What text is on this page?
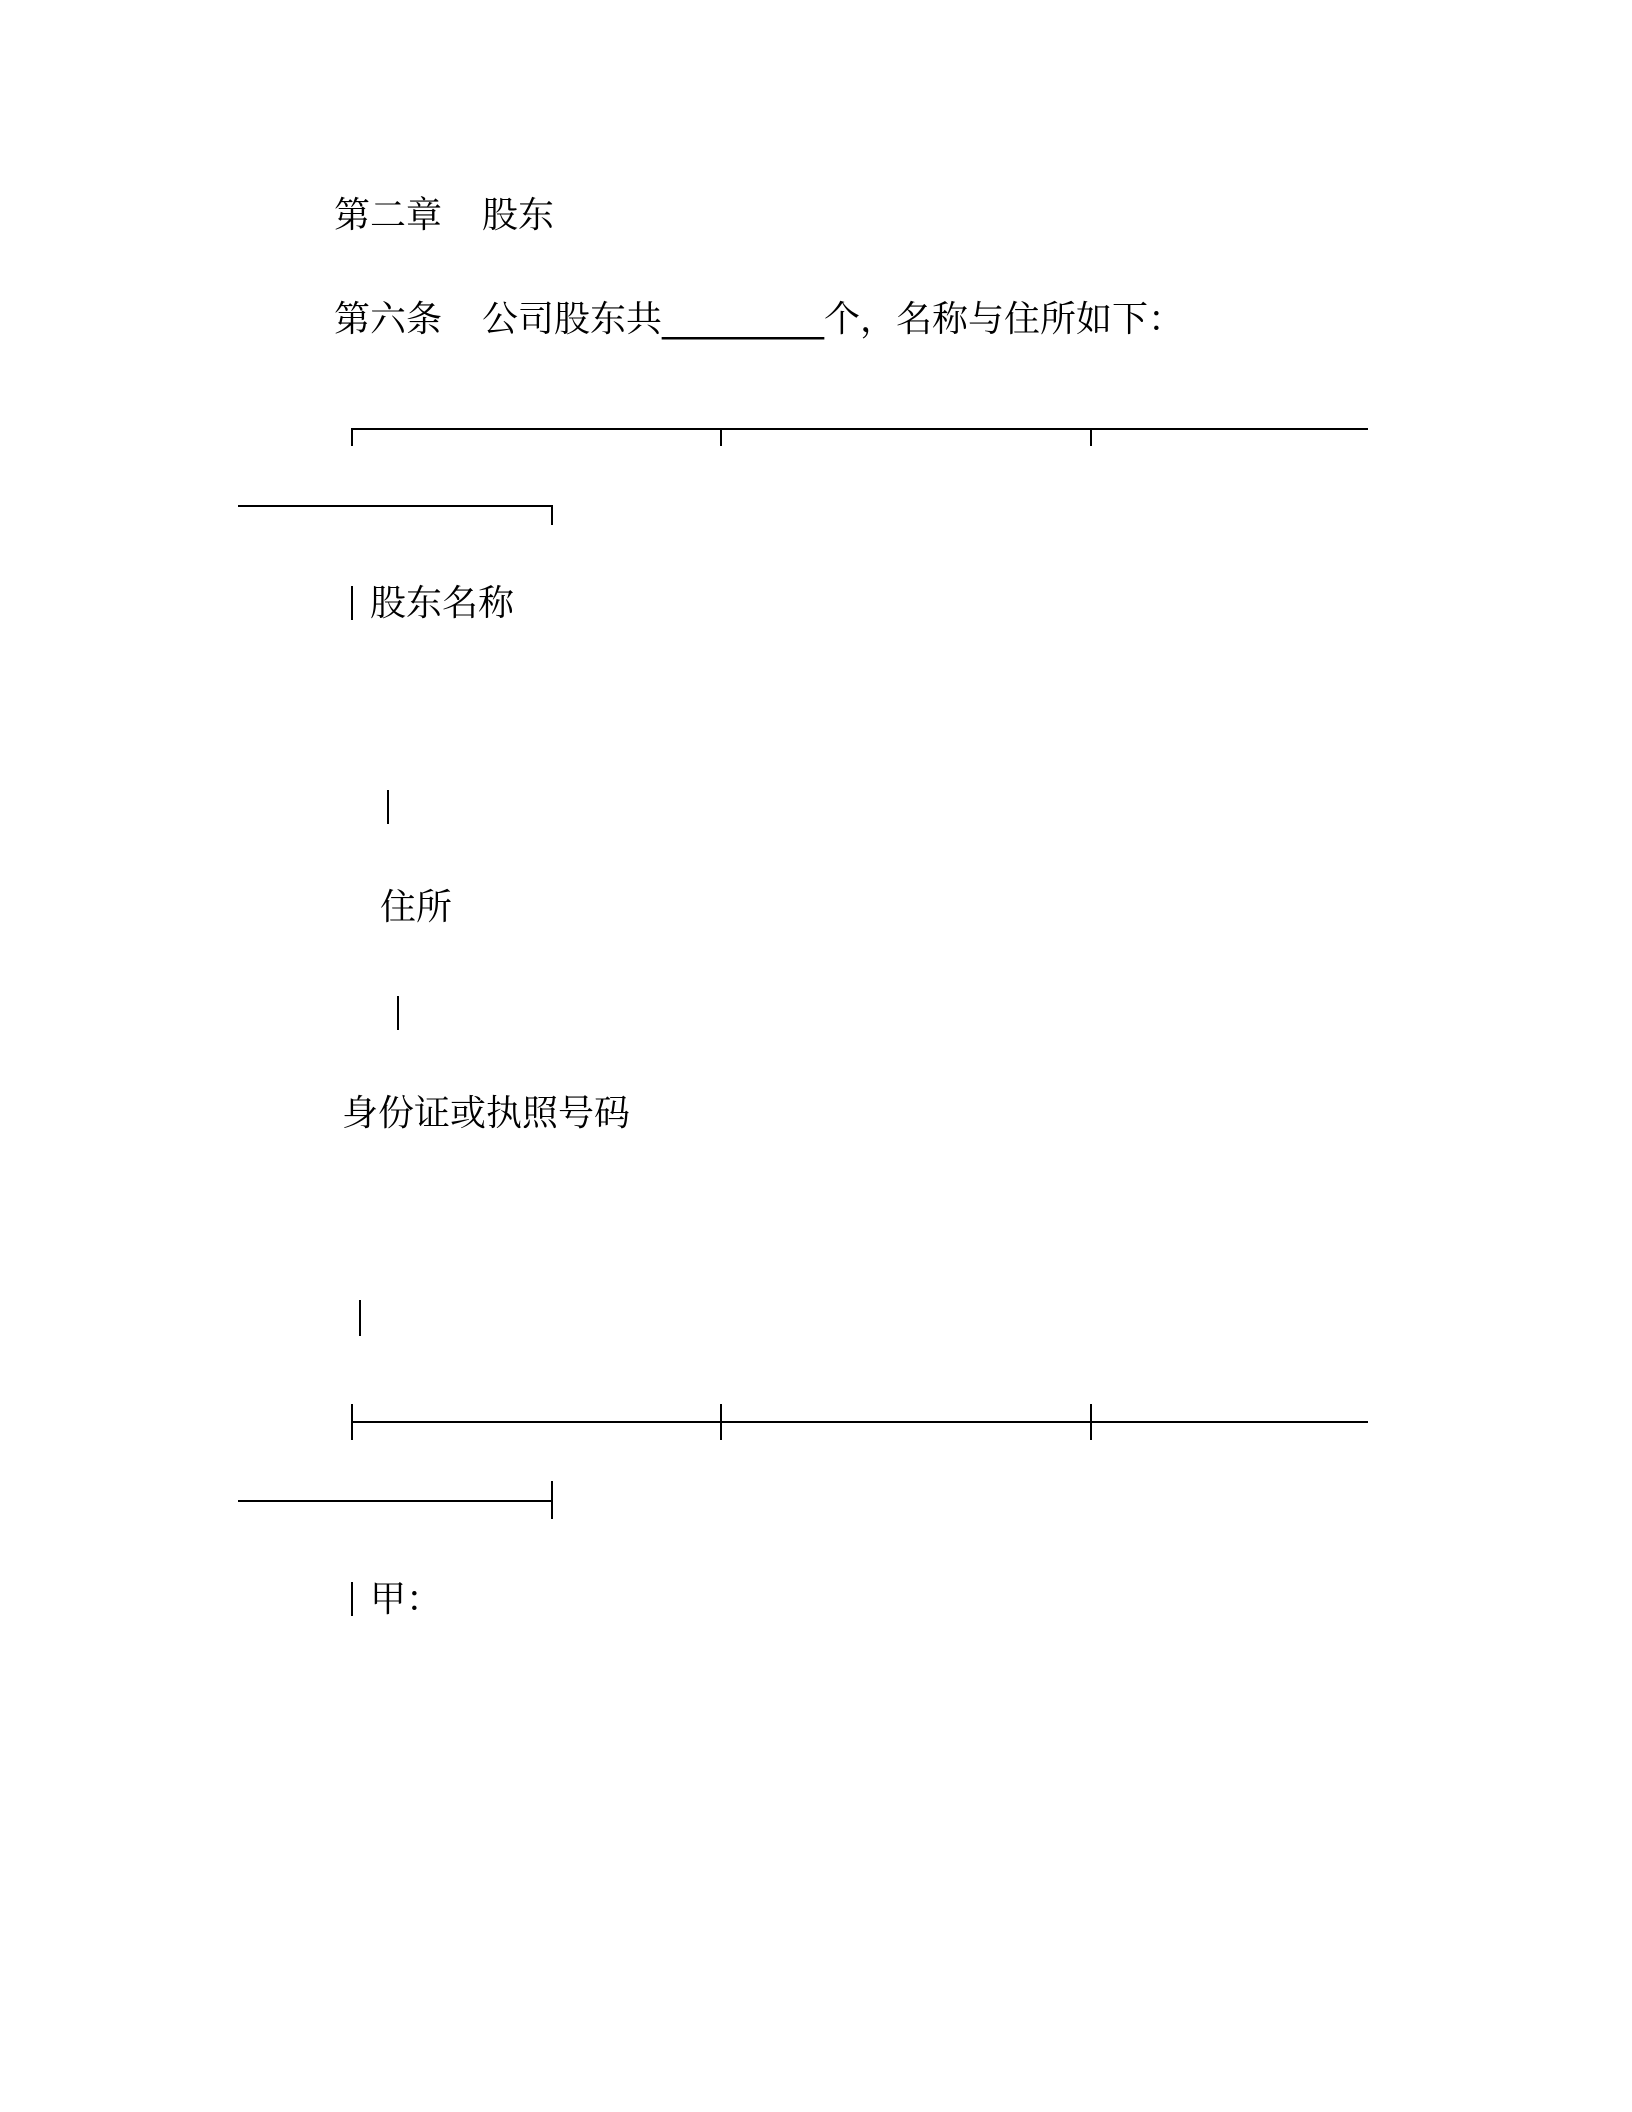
第二章 股东
第六条 公司股东共_________个，名称与住所如下：
股东名称
住所
身份证或执照号码
甲：
